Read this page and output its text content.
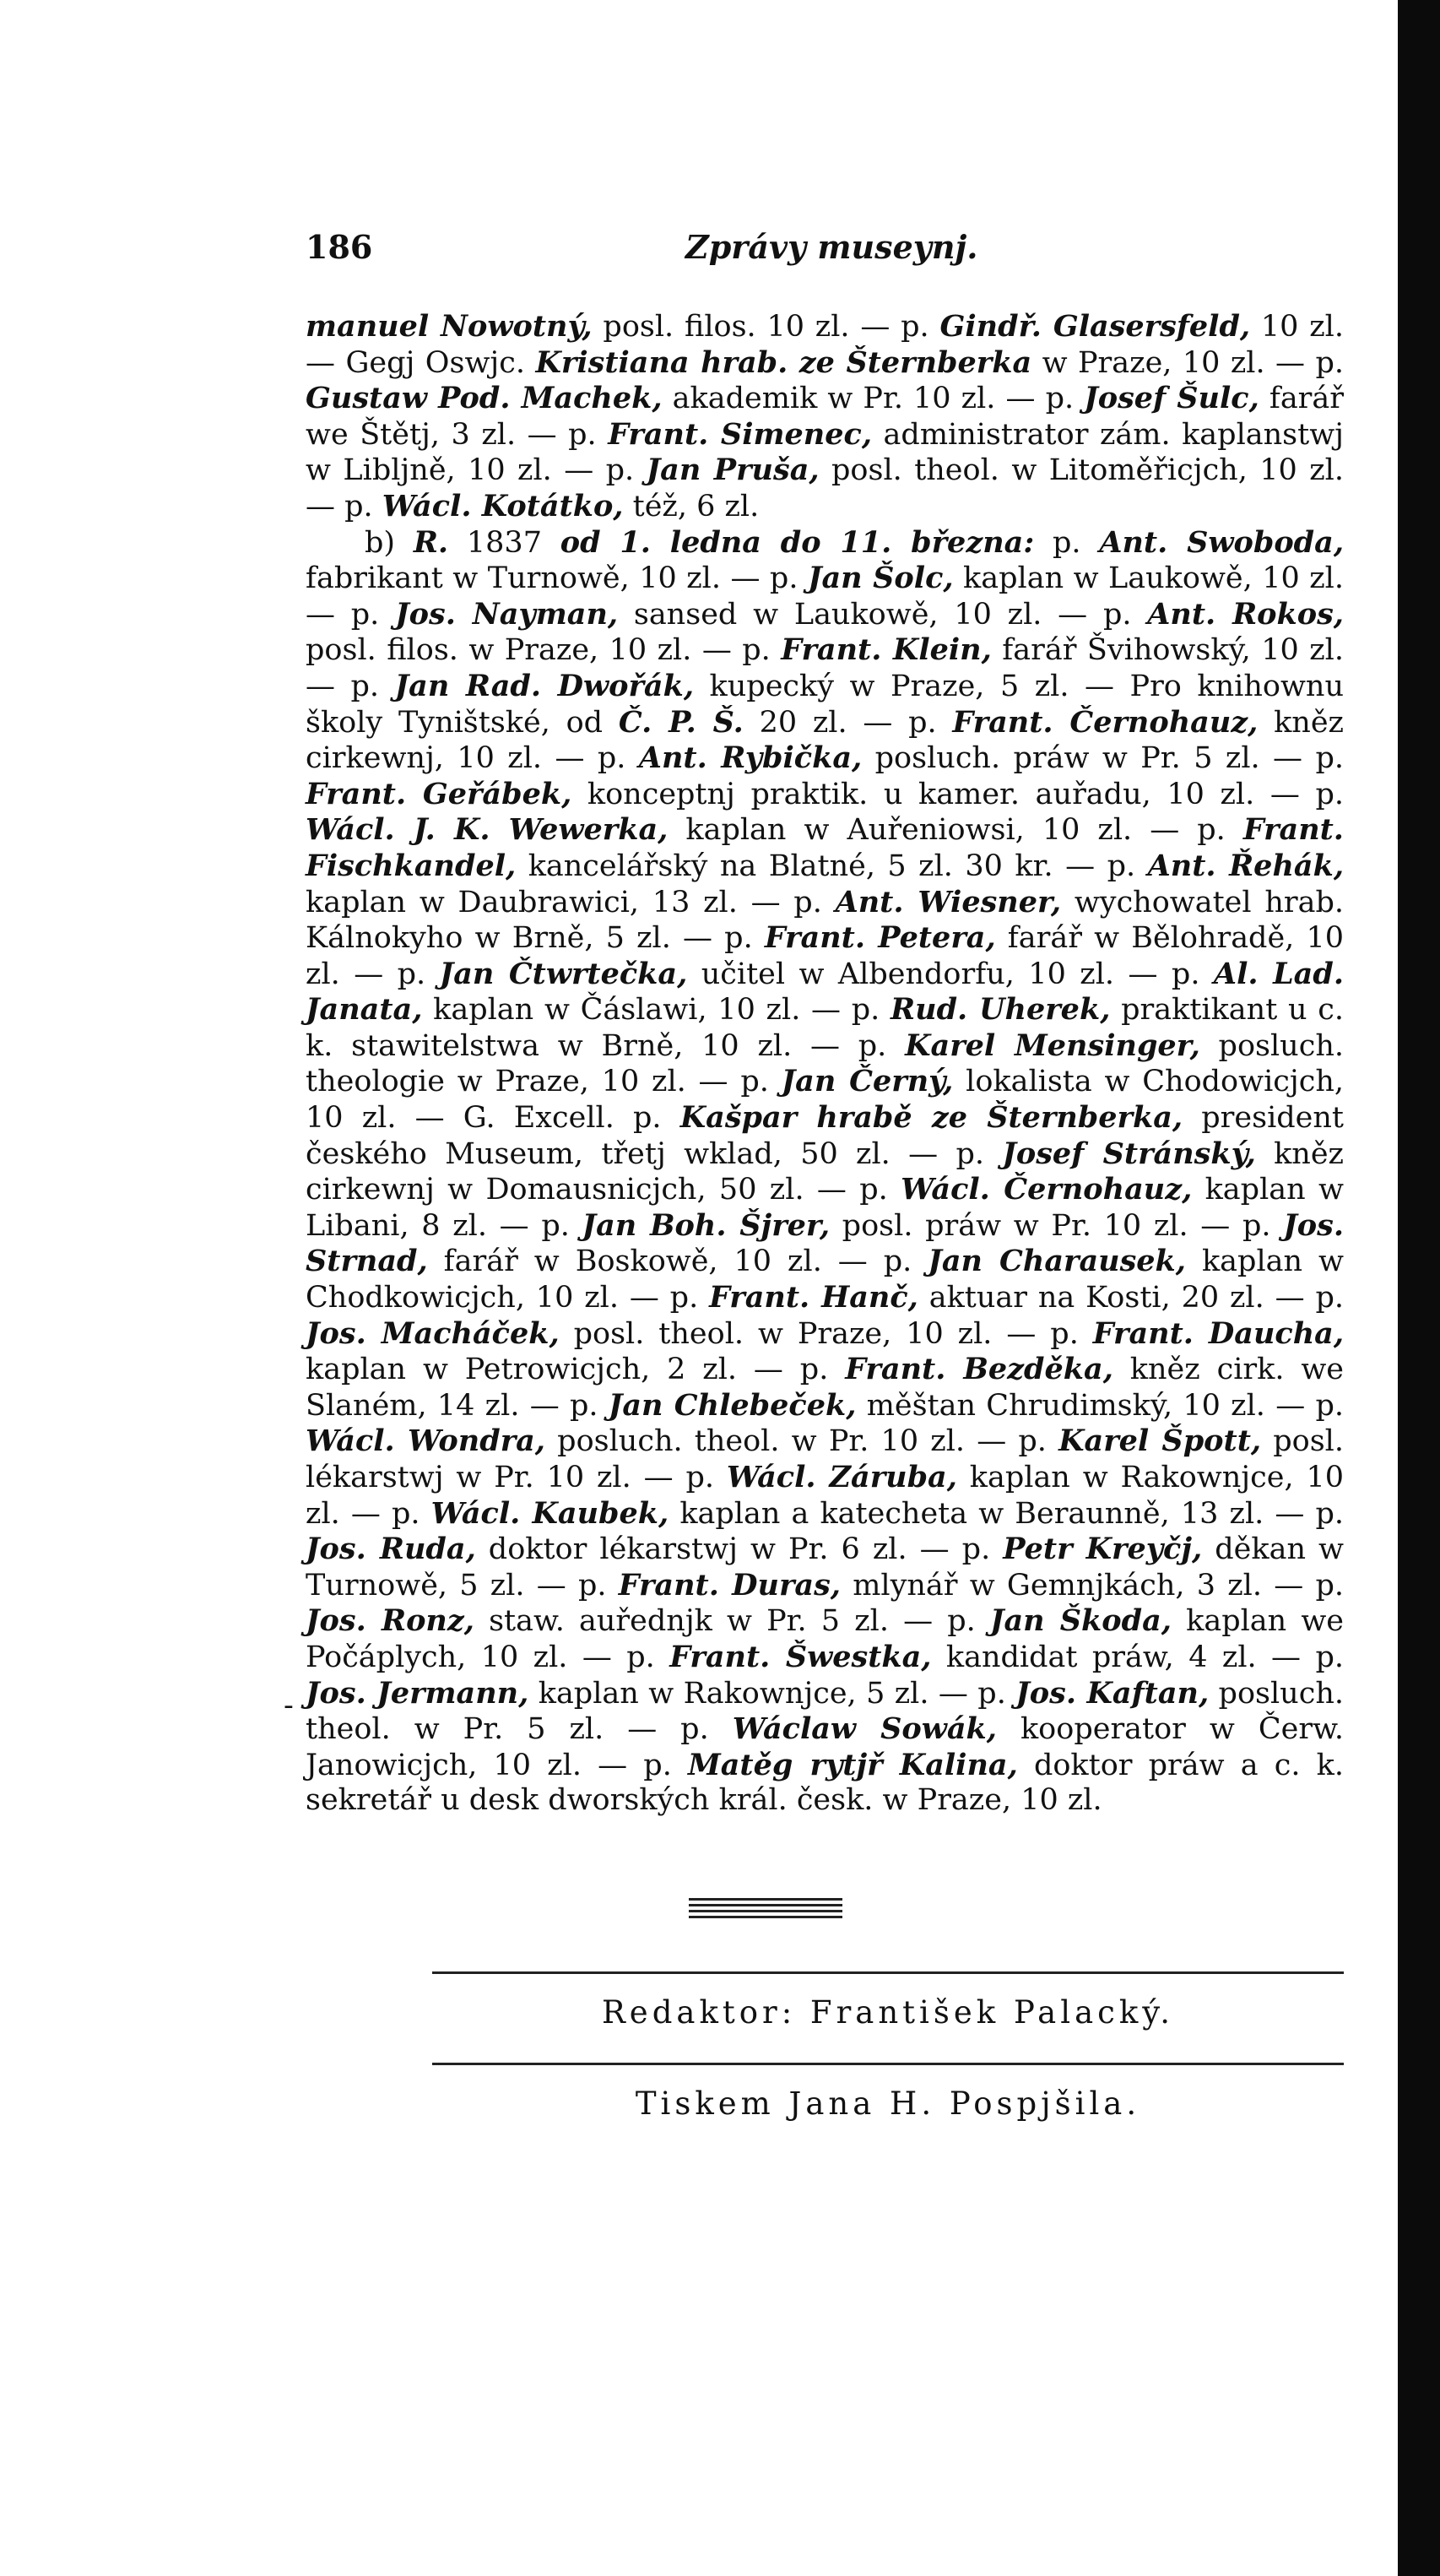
186	Zprávy museynj.

manuel Nowotný, posl. filos. 10 zl. — p. Gindř. Glasersfeld, 10 zl. — Gegj Oswjc. Kristiana hrab. ze Šternberka w Praze, 10 zl. — p. Gustaw Pod. Machek, akademik w Pr. 10 zl. — p. Josef Šulc, farář we Štětj, 3 zl. — p. Frant. Simenec, administrator zám. kaplanstwj w Libljně, 10 zl. — p. Jan Pruša, posl. theol. w Litoměřicjch, 10 zl. — p. Wácl. Kotátko, též, 6 zl.

b) R. 1837 od 1. ledna do 11. března: p. Ant. Swoboda, fabrikant w Turnowě, 10 zl. — p. Jan Šolc, kaplan w Laukowě, 10 zl. — p. Jos. Nayman, sansed w Laukowě, 10 zl. — p. Ant. Rokos, posl. filos. w Praze, 10 zl. — p. Frant. Klein, farář Švihowský, 10 zl. — p. Jan Rad. Dwořák, kupecký w Praze, 5 zl. — Pro knihownu školy Tyništské, od Č. P. Š. 20 zl. — p. Frant. Černohauz, kněz cirkewnj, 10 zl. — p. Ant. Rybička, posluch. práw w Pr. 5 zl. — p. Frant. Geřábek, konceptnj praktik. u kamer. auřadu, 10 zl. — p. Wácl. J. K. Wewerka, kaplan w Auřeniowsi, 10 zl. — p. Frant. Fischkandel, kancelářský na Blatné, 5 zl. 30 kr. — p. Ant. Řehák, kaplan w Daubrawici, 13 zl. — p. Ant. Wiesner, wychowatel hrab. Kálnokyho w Brně, 5 zl. — p. Frant. Petera, farář w Bělohradě, 10 zl. — p. Jan Čtwrtečka, učitel w Albendorfu, 10 zl. — p. Al. Lad. Janata, kaplan w Čáslawi, 10 zl. — p. Rud. Uherek, praktikant u c. k. stawitelstwa w Brně, 10 zl. — p. Karel Mensinger, posluch. theologie w Praze, 10 zl. — p. Jan Černý, lokalista w Chodowicjch, 10 zl. — G. Excell. p. Kašpar hrabě ze Šternberka, president českého Museum, třetj wklad, 50 zl. — p. Josef Stránský, kněz cirkewnj w Domausnicjch, 50 zl. — p. Wácl. Černohauz, kaplan w Libani, 8 zl. — p. Jan Boh. Šjrer, posl. práw w Pr. 10 zl. — p. Jos. Strnad, farář w Boskowě, 10 zl. — p. Jan Charausek, kaplan w Chodkowicjch, 10 zl. — p. Frant. Hanč, aktuar na Kosti, 20 zl. — p. Jos. Macháček, posl. theol. w Praze, 10 zl. — p. Frant. Daucha, kaplan w Petrowicjch, 2 zl. — p. Frant. Bezděka, kněz cirk. we Slaném, 14 zl. — p. Jan Chlebeček, měštan Chrudimský, 10 zl. — p. Wácl. Wondra, posluch. theol. w Pr. 10 zl. — p. Karel Špott, posl. lékarstwj w Pr. 10 zl. — p. Wácl. Záruba, kaplan w Rakownjce, 10 zl. — p. Wácl. Kaubek, kaplan a katecheta w Beraunně, 13 zl. — p. Jos. Ruda, doktor lékarstwj w Pr. 6 zl. — p. Petr Kreyčj, děkan w Turnowě, 5 zl. — p. Frant. Duras, mlynář w Gemnjkách, 3 zl. — p. Jos. Ronz, staw. auřednjk w Pr. 5 zl. — p. Jan Škoda, kaplan we Počáplych, 10 zl. — p. Frant. Šwestka, kandidat práw, 4 zl. — p. Jos. Jermann, kaplan w Rakownjce, 5 zl. — p. Jos. Kaftan, posluch. theol. w Pr. 5 zl. — p. Wáclaw Sowák, kooperator w Čerw. Janowicjch, 10 zl. — p. Matěg rytjř Kalina, doktor práw a c. k. sekretář u desk dworských král. česk. w Praze, 10 zl.

-
Redaktor: František Palacký.
Tiskem Jana H. Pospjšila.
